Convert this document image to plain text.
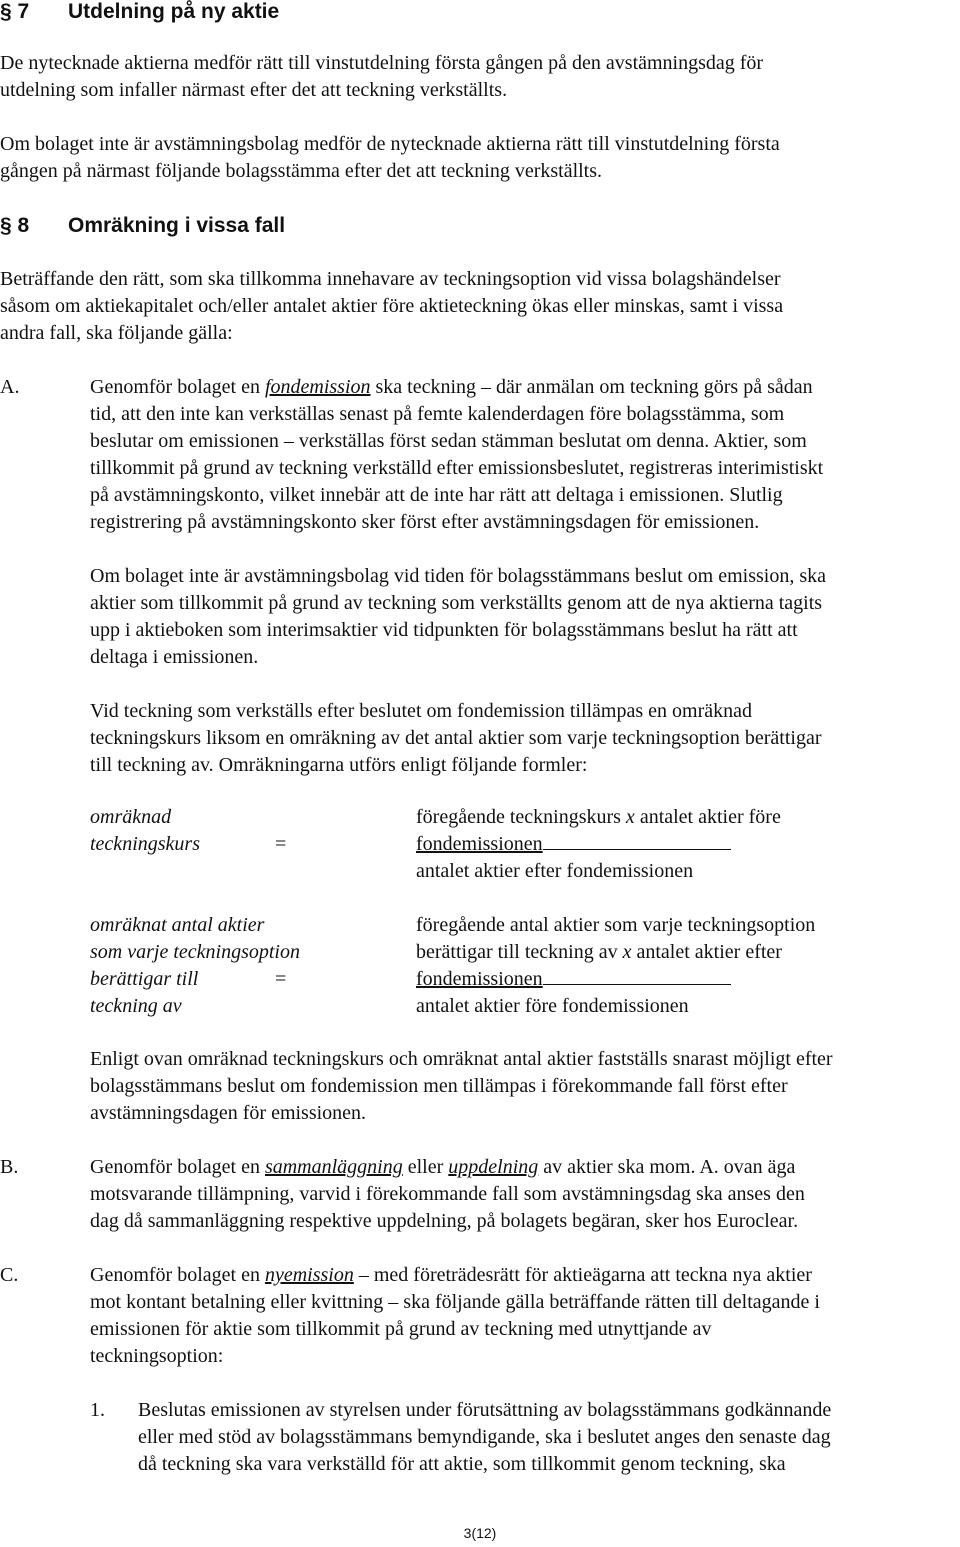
§ 7 Utdelning på ny aktie
De nytecknade aktierna medför rätt till vinstutdelning första gången på den avstämningsdag för
utdelning som infaller närmast efter det att teckning verkställts.
Om bolaget inte är avstämningsbolag medför de nytecknade aktierna rätt till vinstutdelning första
gången på närmast följande bolagsstämma efter det att teckning verkställts.
§ 8 Omräkning i vissa fall
Beträffande den rätt, som ska tillkomma innehavare av teckningsoption vid vissa bolagshändelser
såsom om aktiekapitalet och/eller antalet aktier före aktieteckning ökas eller minskas, samt i vissa
andra fall, ska följande gälla:
A.	Genomför bolaget en fondemission ska teckning – där anmälan om teckning görs på sådan
tid, att den inte kan verkställas senast på femte kalenderdagen före bolagsstämma, som
beslutar om emissionen – verkställas först sedan stämman beslutat om denna. Aktier, som
tillkommit på grund av teckning verkställd efter emissionsbeslutet, registreras interimistiskt
på avstämningskonto, vilket innebär att de inte har rätt att deltaga i emissionen. Slutlig
registrering på avstämningskonto sker först efter avstämningsdagen för emissionen.
Om bolaget inte är avstämningsbolag vid tiden för bolagsstämmans beslut om emission, ska
aktier som tillkommit på grund av teckning som verkställts genom att de nya aktierna tagits
upp i aktieboken som interimsaktier vid tidpunkten för bolagsstämmans beslut ha rätt att
deltaga i emissionen.
Vid teckning som verkställs efter beslutet om fondemission tillämpas en omräknad
teckningskurs liksom en omräkning av det antal aktier som varje teckningsoption berättigar
till teckning av. Omräkningarna utförs enligt följande formler:
omräknad
teckningskurs	=
föregående teckningskurs x antalet aktier före
fondemissionen
antalet aktier efter fondemissionen
omräknat antal aktier
som varje teckningsoption
berättigar till
teckning av
=
föregående antal aktier som varje teckningsoption
berättigar till teckning av x antalet aktier efter
fondemissionen
antalet aktier före fondemissionen
Enligt ovan omräknad teckningskurs och omräknat antal aktier fastställs snarast möjligt efter
bolagsstämmans beslut om fondemission men tillämpas i förekommande fall först efter
avstämningsdagen för emissionen.
B.	Genomför bolaget en sammanläggning eller uppdelning av aktier ska mom. A. ovan äga
motsvarande tillämpning, varvid i förekommande fall som avstämningsdag ska anses den
dag då sammanläggning respektive uppdelning, på bolagets begäran, sker hos Euroclear.
C.	Genomför bolaget en nyemission – med företrädesrätt för aktieägarna att teckna nya aktier
mot kontant betalning eller kvittning – ska följande gälla beträffande rätten till deltagande i
emissionen för aktie som tillkommit på grund av teckning med utnyttjande av
teckningsoption:
1. Beslutas emissionen av styrelsen under förutsättning av bolagsstämmans godkännande
eller med stöd av bolagsstämmans bemyndigande, ska i beslutet anges den senaste dag
då teckning ska vara verkställd för att aktie, som tillkommit genom teckning, ska
3(12)
